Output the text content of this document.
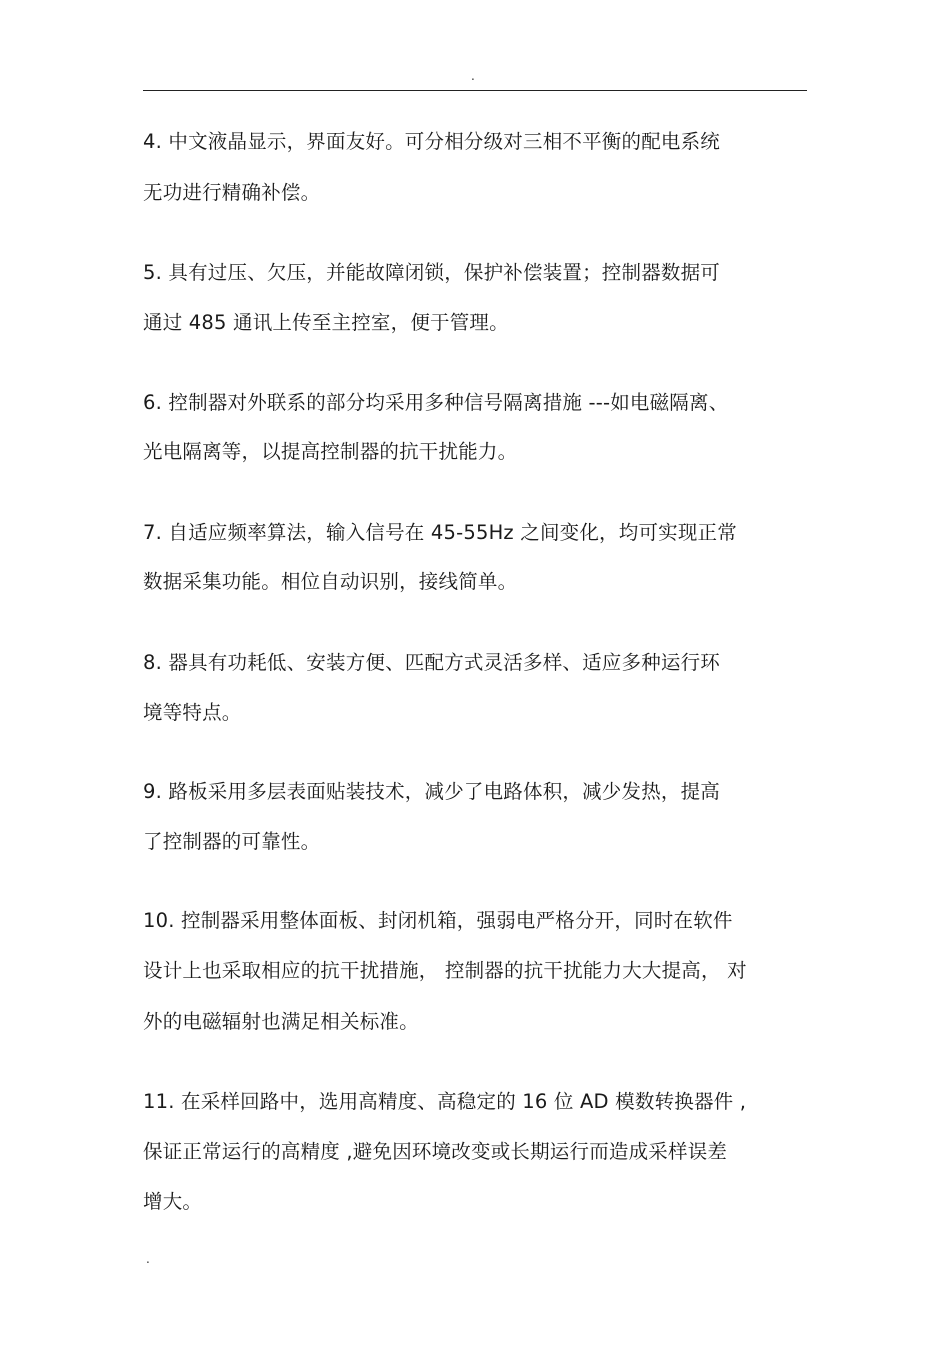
.
4. 中文液晶显示，界面友好。可分相分级对三相不平衡的配电系统
无功进行精确补偿。
5. 具有过压、欠压，并能故障闭锁，保护补偿装置；控制器数据可
通过 485 通讯上传至主控室，便于管理。
6. 控制器对外联系的部分均采用多种信号隔离措施 ---如电磁隔离、
光电隔离等，以提高控制器的抗干扰能力。
7. 自适应频率算法，输入信号在 45-55Hz 之间变化，均可实现正常
数据采集功能。相位自动识别，接线简单。
8. 器具有功耗低、安装方便、匹配方式灵活多样、适应多种运行环
境等特点。
9. 路板采用多层表面贴装技术，减少了电路体积，减少发热，提高
了控制器的可靠性。
10. 控制器采用整体面板、封闭机箱，强弱电严格分开，同时在软件
设计上也采取相应的抗干扰措施， 控制器的抗干扰能力大大提高， 对
外的电磁辐射也满足相关标准。
11. 在采样回路中，选用高精度、高稳定的 16 位 AD 模数转换器件 ,
保证正常运行的高精度 ,避免因环境改变或长期运行而造成采样误差
增大。
.
